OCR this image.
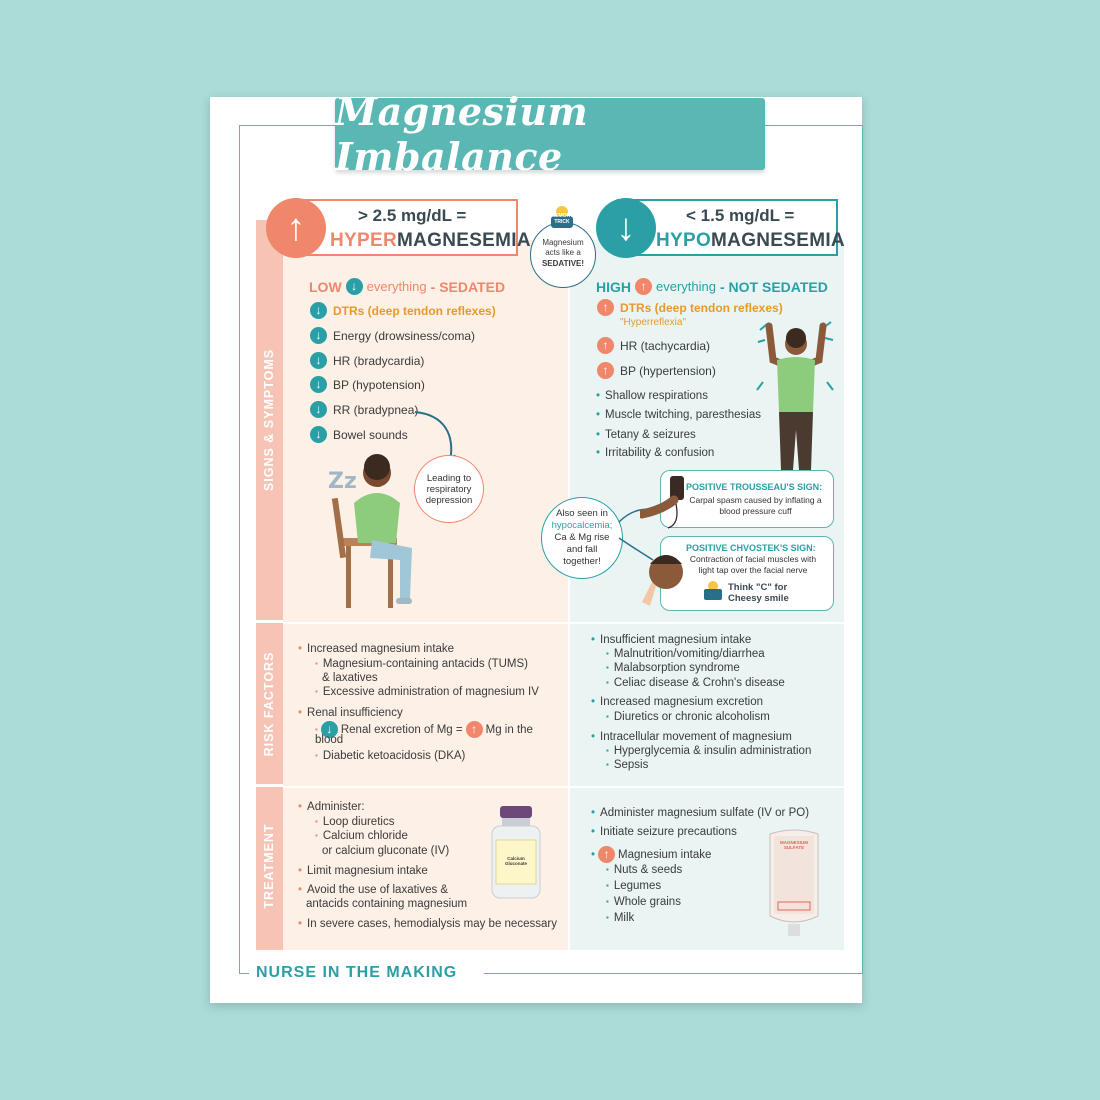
Magnesium Imbalance
SIGNS & SYMPTOMS
RISK FACTORS
TREATMENT
↑	> 2.5 mg/dL =
HYPERMAGNESEMIA	↓	< 1.5 mg/dL =
HYPOMAGNESEMIA
MEMORY TRICK
Magnesium
acts like a
SEDATIVE!
LOW ↓ everything - SEDATED
↓ DTRs (deep tendon reflexes)
↓ Energy (drowsiness/coma)
↓ HR (bradycardia)
↓ BP (hypotension)
↓ RR (bradypnea)
↓ Bowel sounds
Leading to respiratory depression
Zz
HIGH ↑ everything - NOT SEDATED
↑ DTRs (deep tendon reflexes)
"Hyperreflexia"
↑ HR (tachycardia)
↑ BP (hypertension)
• Shallow respirations
• Muscle twitching, paresthesias
• Tetany & seizures
• Irritability & confusion
Also seen in
hypocalcemia;
Ca & Mg rise
and fall
together!
POSITIVE TROUSSEAU'S SIGN:
Carpal spasm caused by inflating a blood pressure cuff
POSITIVE CHVOSTEK'S SIGN:
Contraction of facial muscles with light tap over the facial nerve
Think "C" for
Cheesy smile
• Increased magnesium intake
▪ Magnesium-containing antacids (TUMS)
& laxatives
▪ Excessive administration of magnesium IV
• Renal insufficiency
▪ ↓ Renal excretion of Mg = ↑ Mg in the
blood
▪ Diabetic ketoacidosis (DKA)
• Insufficient magnesium intake
▪ Malnutrition/vomiting/diarrhea
▪ Malabsorption syndrome
▪ Celiac disease & Crohn's disease
• Increased magnesium excretion
▪ Diuretics or chronic alcoholism
• Intracellular movement of magnesium
▪ Hyperglycemia & insulin administration
▪ Sepsis
• Administer:
▪ Loop diuretics
▪ Calcium chloride
or calcium gluconate (IV)
• Limit magnesium intake
• Avoid the use of laxatives &
antacids containing magnesium
• In severe cases, hemodialysis may be necessary
Calcium Gluconate
• Administer magnesium sulfate (IV or PO)
• Initiate seizure precautions
• ↑ Magnesium intake
▪ Nuts & seeds
▪ Legumes
▪ Whole grains
▪ Milk
MAGNESIUM SULFATE
NURSE IN THE MAKING
